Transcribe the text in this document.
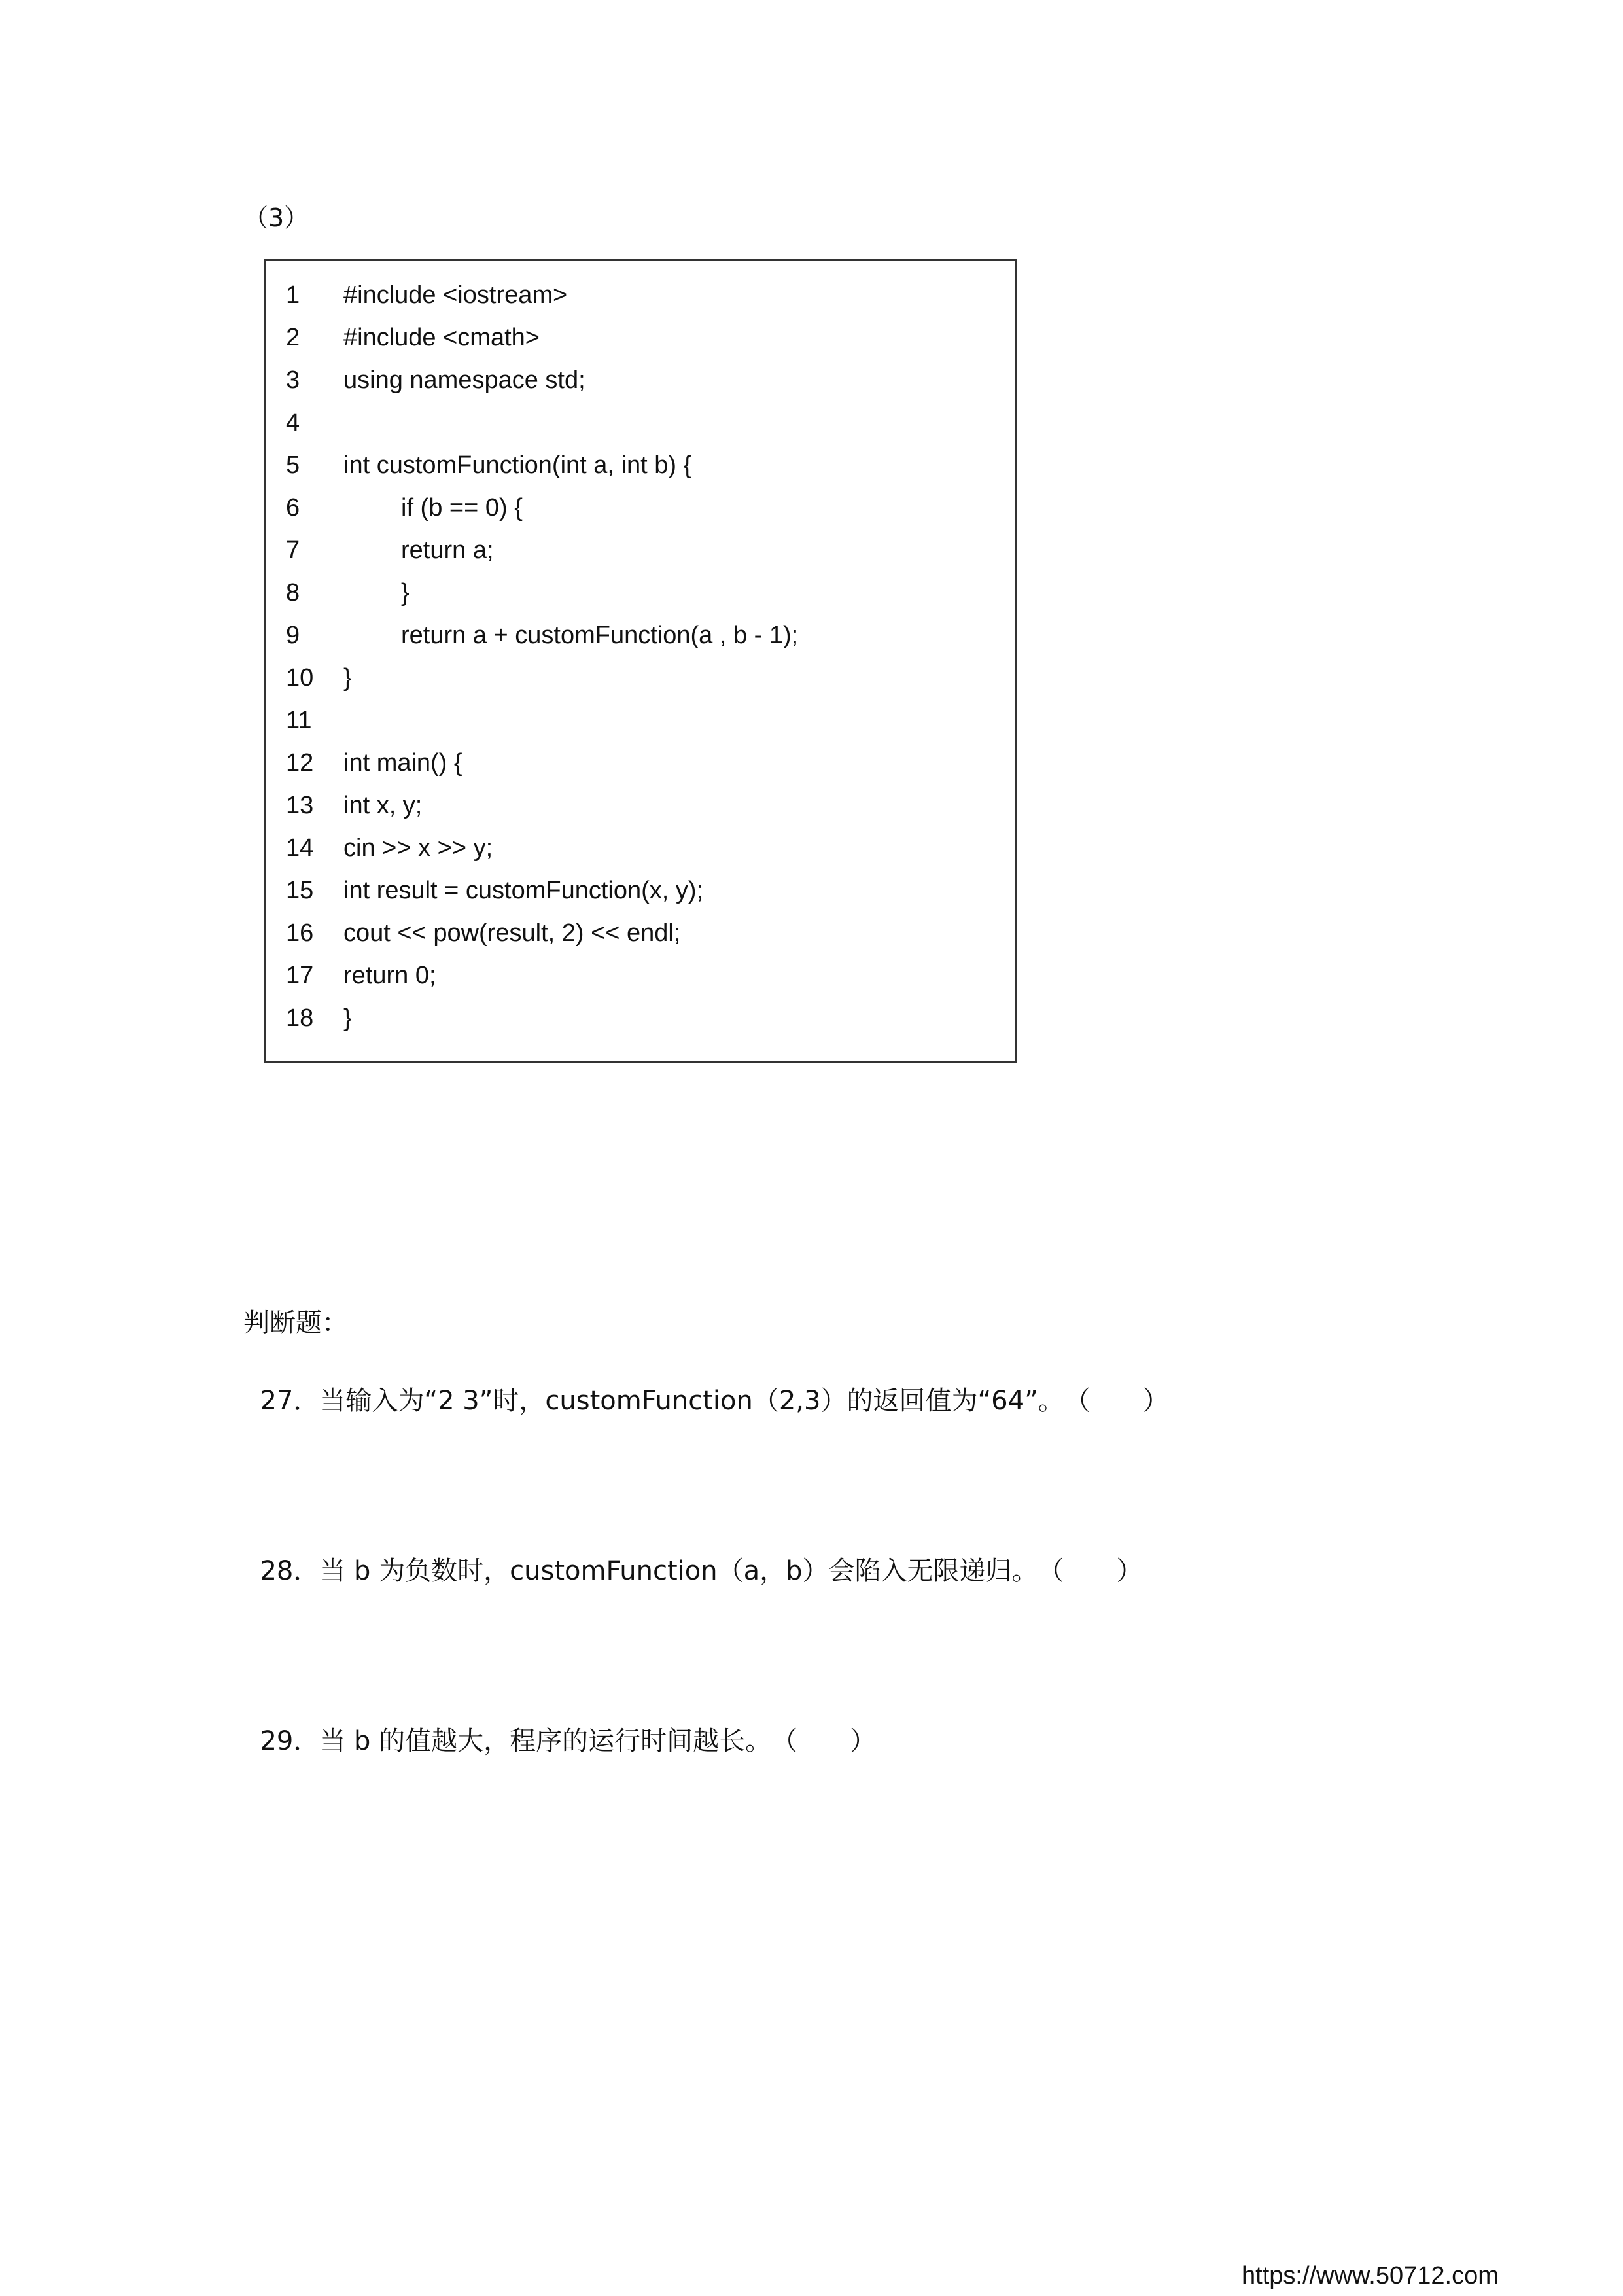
（3）
1	#include <iostream>
2	#include <cmath>
3	using namespace std;
4
5	int customFunction(int a, int b) {
6	if (b == 0) {
7	return a;
8	}
9	return a + customFunction(a , b - 1);
10	}
11
12	int main() {
13	int x, y;
14	cin >> x >> y;
15	int result = customFunction(x, y);
16	cout << pow(result, 2) << endl;
17	return 0;
18	}
判断题：

27．当输入为“2 3”时，customFunction（2,3）的返回值为“64”。（　　）

28．当 b 为负数时，customFunction（a，b）会陷入无限递归。（　　）

29．当 b 的值越大，程序的运行时间越长。（　　）

https://www.50712.com
